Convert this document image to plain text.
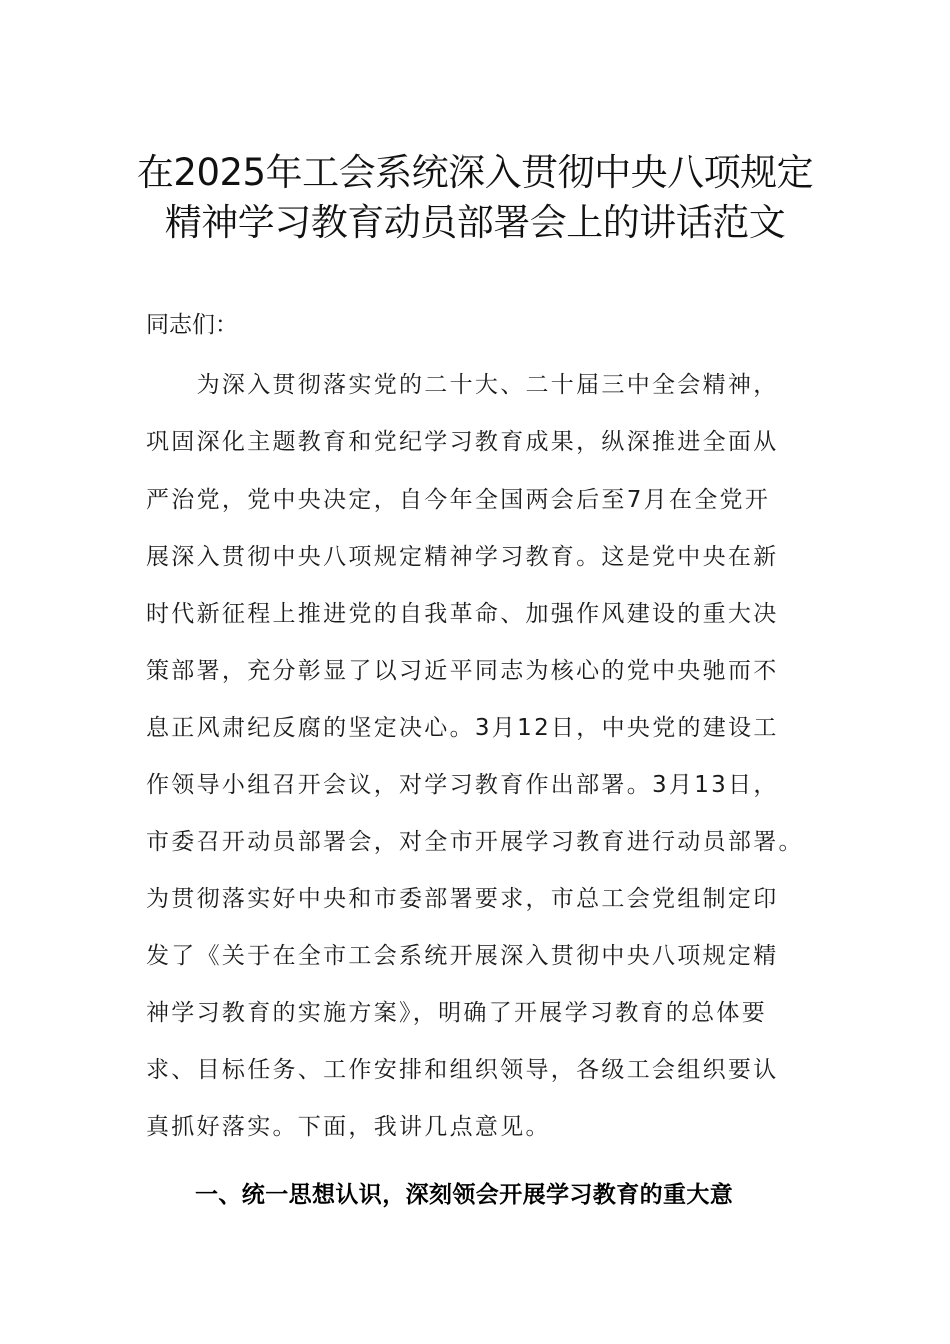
在2025年工会系统深入贯彻中央八项规定
精神学习教育动员部署会上的讲话范文
同志们：
　　为深入贯彻落实党的二十大、二十届三中全会精神，
巩固深化主题教育和党纪学习教育成果，纵深推进全面从
严治党，党中央决定，自今年全国两会后至7月在全党开
展深入贯彻中央八项规定精神学习教育。这是党中央在新
时代新征程上推进党的自我革命、加强作风建设的重大决
策部署，充分彰显了以习近平同志为核心的党中央驰而不
息正风肃纪反腐的坚定决心。3月12日，中央党的建设工
作领导小组召开会议，对学习教育作出部署。3月13日，
市委召开动员部署会，对全市开展学习教育进行动员部署。
为贯彻落实好中央和市委部署要求，市总工会党组制定印
发了《关于在全市工会系统开展深入贯彻中央八项规定精
神学习教育的实施方案》，明确了开展学习教育的总体要
求、目标任务、工作安排和组织领导，各级工会组织要认
真抓好落实。下面，我讲几点意见。
一、统一思想认识，深刻领会开展学习教育的重大意
